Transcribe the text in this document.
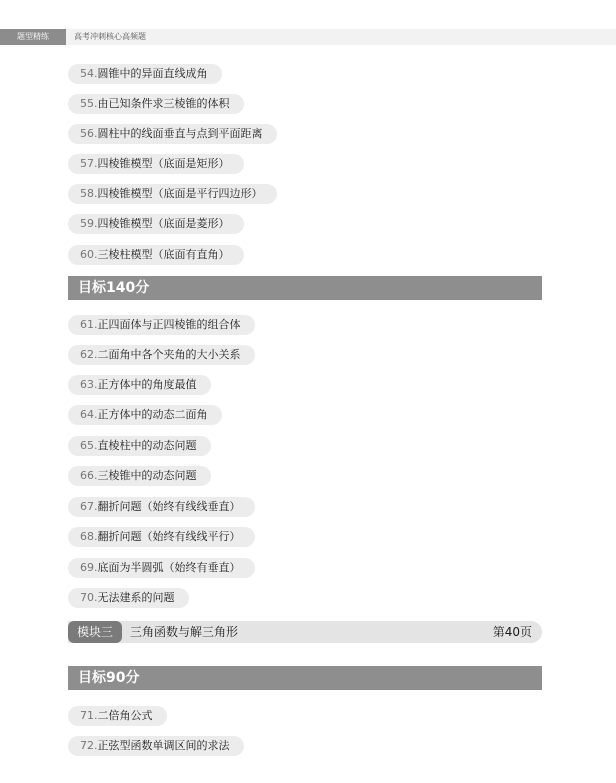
题型精练	高考冲刺核心高频题
54.圆锥中的异面直线成角
55.由已知条件求三棱锥的体积
56.圆柱中的线面垂直与点到平面距离
57.四棱锥模型（底面是矩形）
58.四棱锥模型（底面是平行四边形）
59.四棱锥模型（底面是菱形）
60.三棱柱模型（底面有直角）
目标140分
61.正四面体与正四棱锥的组合体
62.二面角中各个夹角的大小关系
63.正方体中的角度最值
64.正方体中的动态二面角
65.直棱柱中的动态问题
66.三棱锥中的动态问题
67.翻折问题（始终有线线垂直）
68.翻折问题（始终有线线平行）
69.底面为半圆弧（始终有垂直）
70.无法建系的问题
模块三	三角函数与解三角形	第40页
目标90分
71.二倍角公式
72.正弦型函数单调区间的求法
